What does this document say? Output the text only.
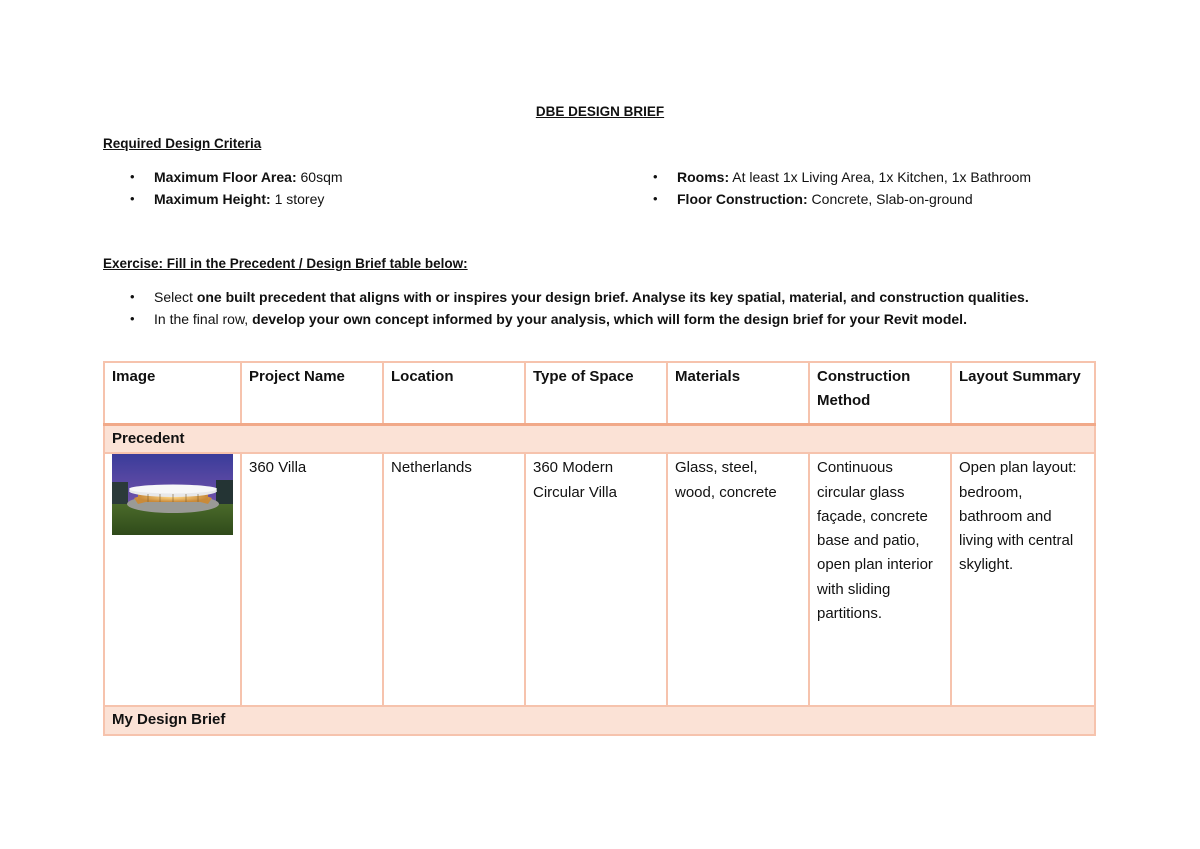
DBE DESIGN BRIEF
Required Design Criteria
• Maximum Floor Area: 60sqm
• Maximum Height: 1 storey
• Rooms: At least 1x Living Area, 1x Kitchen, 1x Bathroom
• Floor Construction: Concrete, Slab-on-ground
Exercise: Fill in the Precedent / Design Brief table below:
• Select one built precedent that aligns with or inspires your design brief. Analyse its key spatial, material, and construction qualities.
• In the final row, develop your own concept informed by your analysis, which will form the design brief for your Revit model.
Image	Project Name	Location	Type of Space	Materials	Construction Method	Layout Summary
Precedent						

	360 Villa	Netherlands	360 Modern Circular Villa	Glass, steel, wood, concrete	Continuous circular glass façade, concrete base and patio, open plan interior with sliding partitions.	Open plan layout: bedroom, bathroom and living with central skylight.
My Design Brief						
